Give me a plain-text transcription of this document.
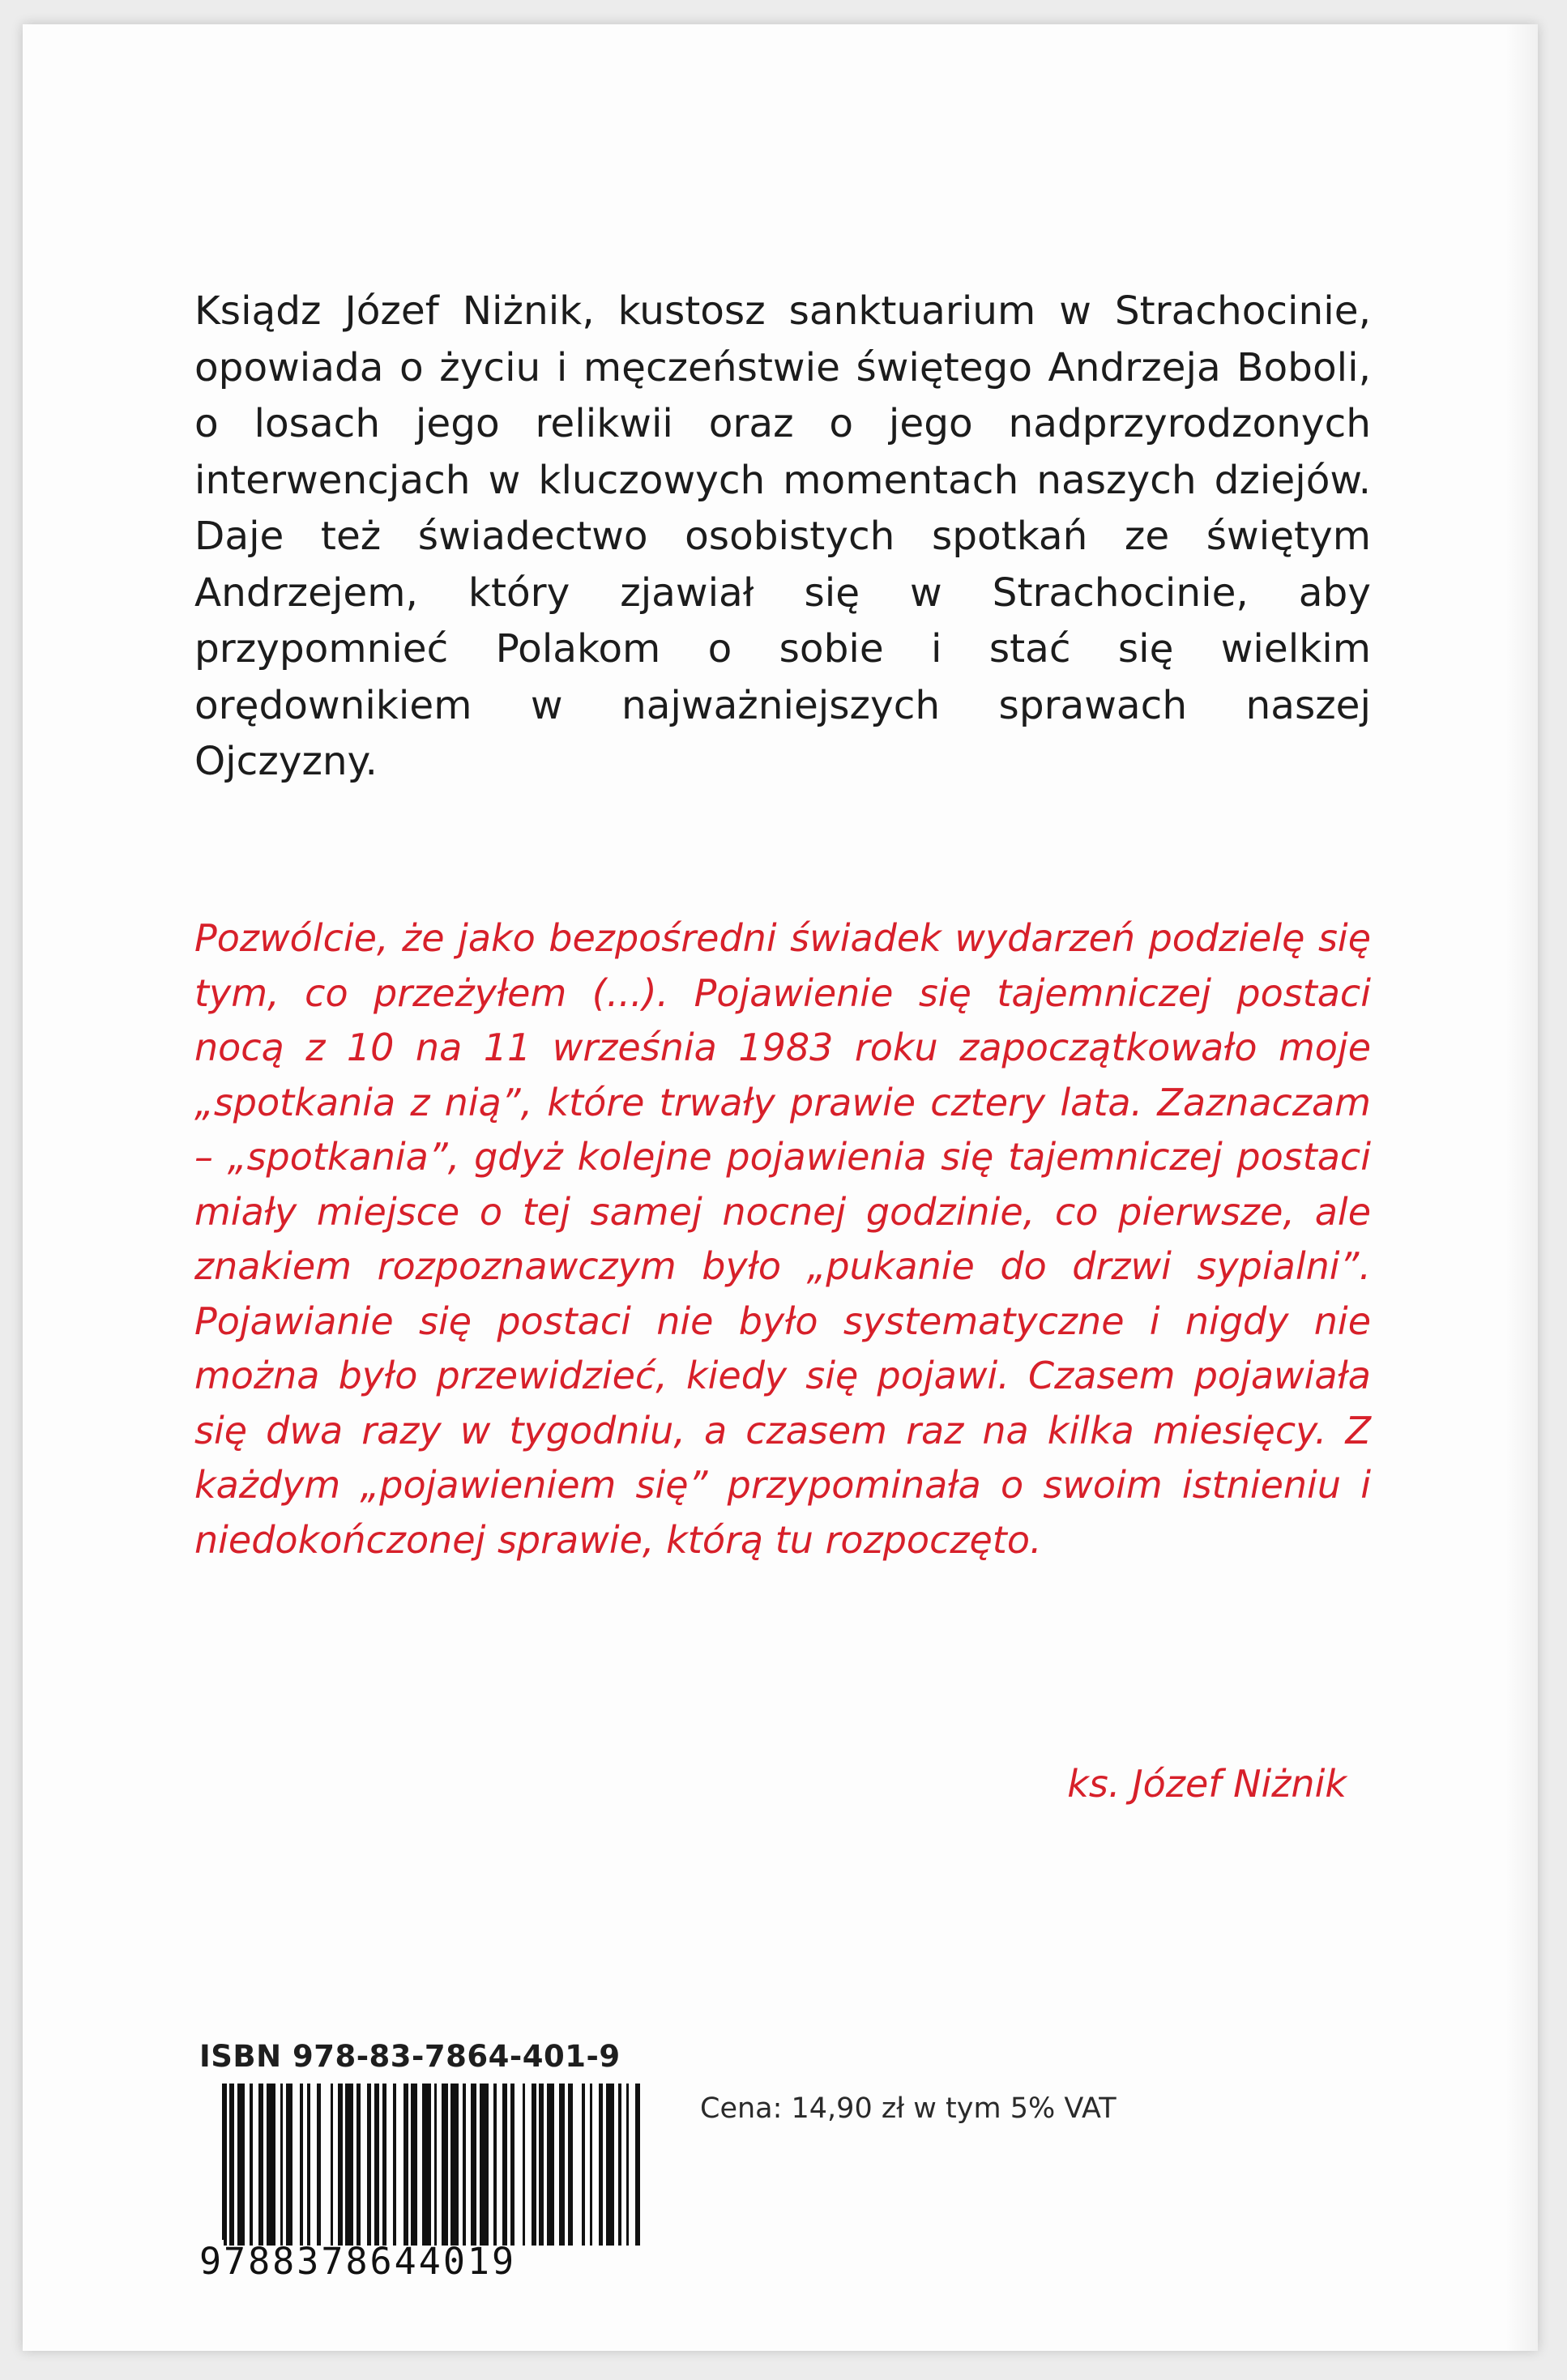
Ksiądz Józef Niżnik, kustosz sanktuarium w Strachocinie, opowiada o życiu i męczeństwie świętego Andrzeja Boboli, o losach jego relikwii oraz o jego nadprzyrodzonych interwencjach w kluczowych momentach naszych dziejów. Daje też świadectwo osobistych spotkań ze świętym Andrzejem, który zjawiał się w Strachocinie, aby przypomnieć Polakom o sobie i stać się wielkim orędownikiem w najważniejszych sprawach naszej Ojczyzny.

Pozwólcie, że jako bezpośredni świadek wydarzeń podzielę się tym, co przeżyłem (...). Pojawienie się tajemniczej postaci nocą z 10 na 11 września 1983 roku zapoczątkowało moje „spotkania z nią”, które trwały prawie cztery lata. Zaznaczam – „spotkania”, gdyż kolejne pojawienia się tajemniczej postaci miały miejsce o tej samej nocnej godzinie, co pierwsze, ale znakiem rozpoznawczym było „pukanie do drzwi sypialni”. Pojawianie się postaci nie było systematyczne i nigdy nie można było przewidzieć, kiedy się pojawi. Czasem pojawiała się dwa razy w tygodniu, a czasem raz na kilka miesięcy. Z każdym „pojawieniem się” przypominała o swoim istnieniu i niedokończonej sprawie, którą tu rozpoczęto.

ks. Józef Niżnik

ISBN 978-83-7864-401-9

9788378644019

Cena: 14,90 zł w tym 5% VAT
